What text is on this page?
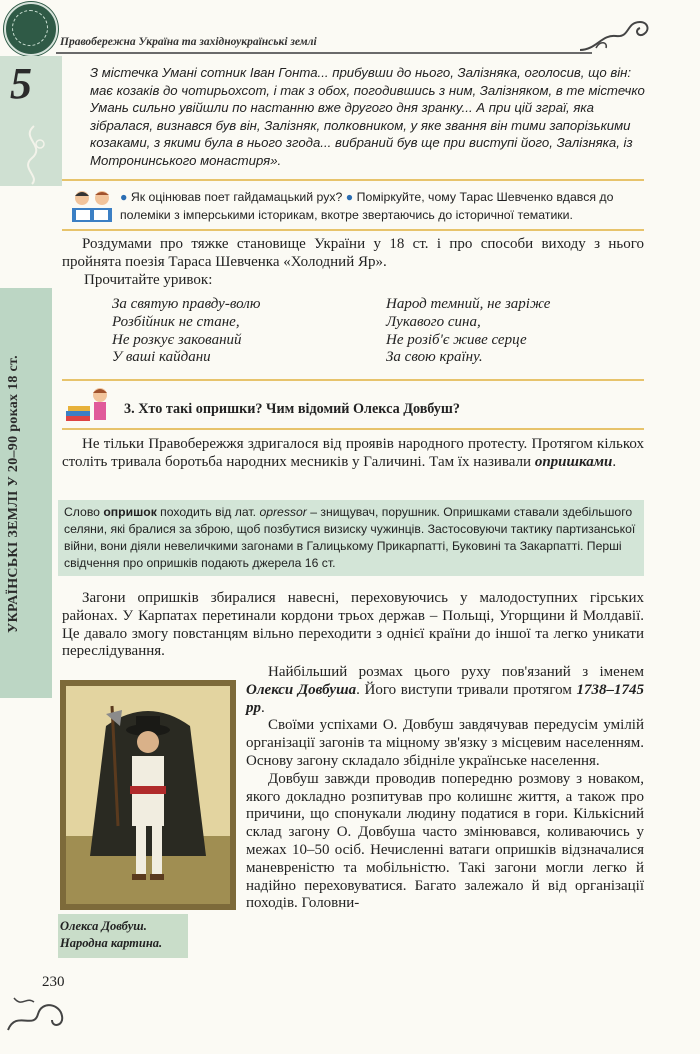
Правобережна Україна та західноукраїнські землі
5
УКРАЇНСЬКІ ЗЕМЛІ У 20–90 роках 18 ст.
З містечка Умані сотник Іван Гонта... прибувши до нього, Залізняка, оголосив, що він: має козаків до чотирьохсот, і так з обох, погодившись з ним, Залізняком, в те містечко Умань сильно увійшли по настанню вже другого дня зранку... А при цій зграї, яка зібралася, визнався був він, Залізняк, полковником, у яке звання він тими запорізькими козаками, з якими була в нього згода... вибраний був ще при виступі його, Залізняка, із Мотронинського монастиря».
● Як оцінював поет гайдамацький рух? ● Поміркуйте, чому Тарас Шевченко вдався до полеміки з імперськими історикам, вкотре звертаючись до історичної тематики.
Роздумами про тяжке становище України у 18 ст. і про способи виходу з нього пройнята поезія Тараса Шевченка «Холодний Яр».
Прочитайте уривок:
За святую правду-волю
Розбійник не стане,
Не розкує закований
У ваші кайдани
Народ темний, не заріже
Лукавого сина,
Не розіб'є живе серце
За свою країну.
3. Хто такі опришки? Чим відомий Олекса Довбуш?
Не тільки Правобережжя здригалося від проявів народного протесту. Протягом кількох століть тривала боротьба народних месників у Галичині. Там їх називали опришками.
Слово опришок походить від лат. opressor – знищувач, порушник. Опришками ставали здебільшого селяни, які бралися за зброю, щоб позбутися визиску чужинців. Застосовуючи тактику партизанської війни, вони діяли невеличкими загонами в Галицькому Прикарпатті, Буковині та Закарпатті. Перші свідчення про опришків подають джерела 16 ст.
Загони опришків збиралися навесні, переховуючись у малодоступних гірських районах. У Карпатах перетинали кордони трьох держав – Польщі, Угорщини й Молдавії. Це давало змогу повстанцям вільно переходити з однієї країни до іншої та легко уникати переслідування.
Олекса Довбуш.
Народна картина.

Найбільший розмах цього руху пов'язаний з іменем Олекси Довбуша. Його виступи тривали протягом 1738–1745 рр.

Своїми успіхами О. Довбуш завдячував передусім умілій організації загонів та міцному зв'язку з місцевим населенням. Основу загону складало збідніле українське населення.

Довбуш завжди проводив попередню розмову з новаком, якого докладно розпитував про колишнє життя, а також про причини, що спонукали людину податися в гори. Кількісний склад загону О. Довбуша часто змінювався, коливаючись у межах 10–50 осіб. Нечисленні ватаги опришків відзначалися маневреністю та мобільністю. Такі загони могли легко й надійно переховуватися. Багато залежало й від організації походів. Головни-

230
